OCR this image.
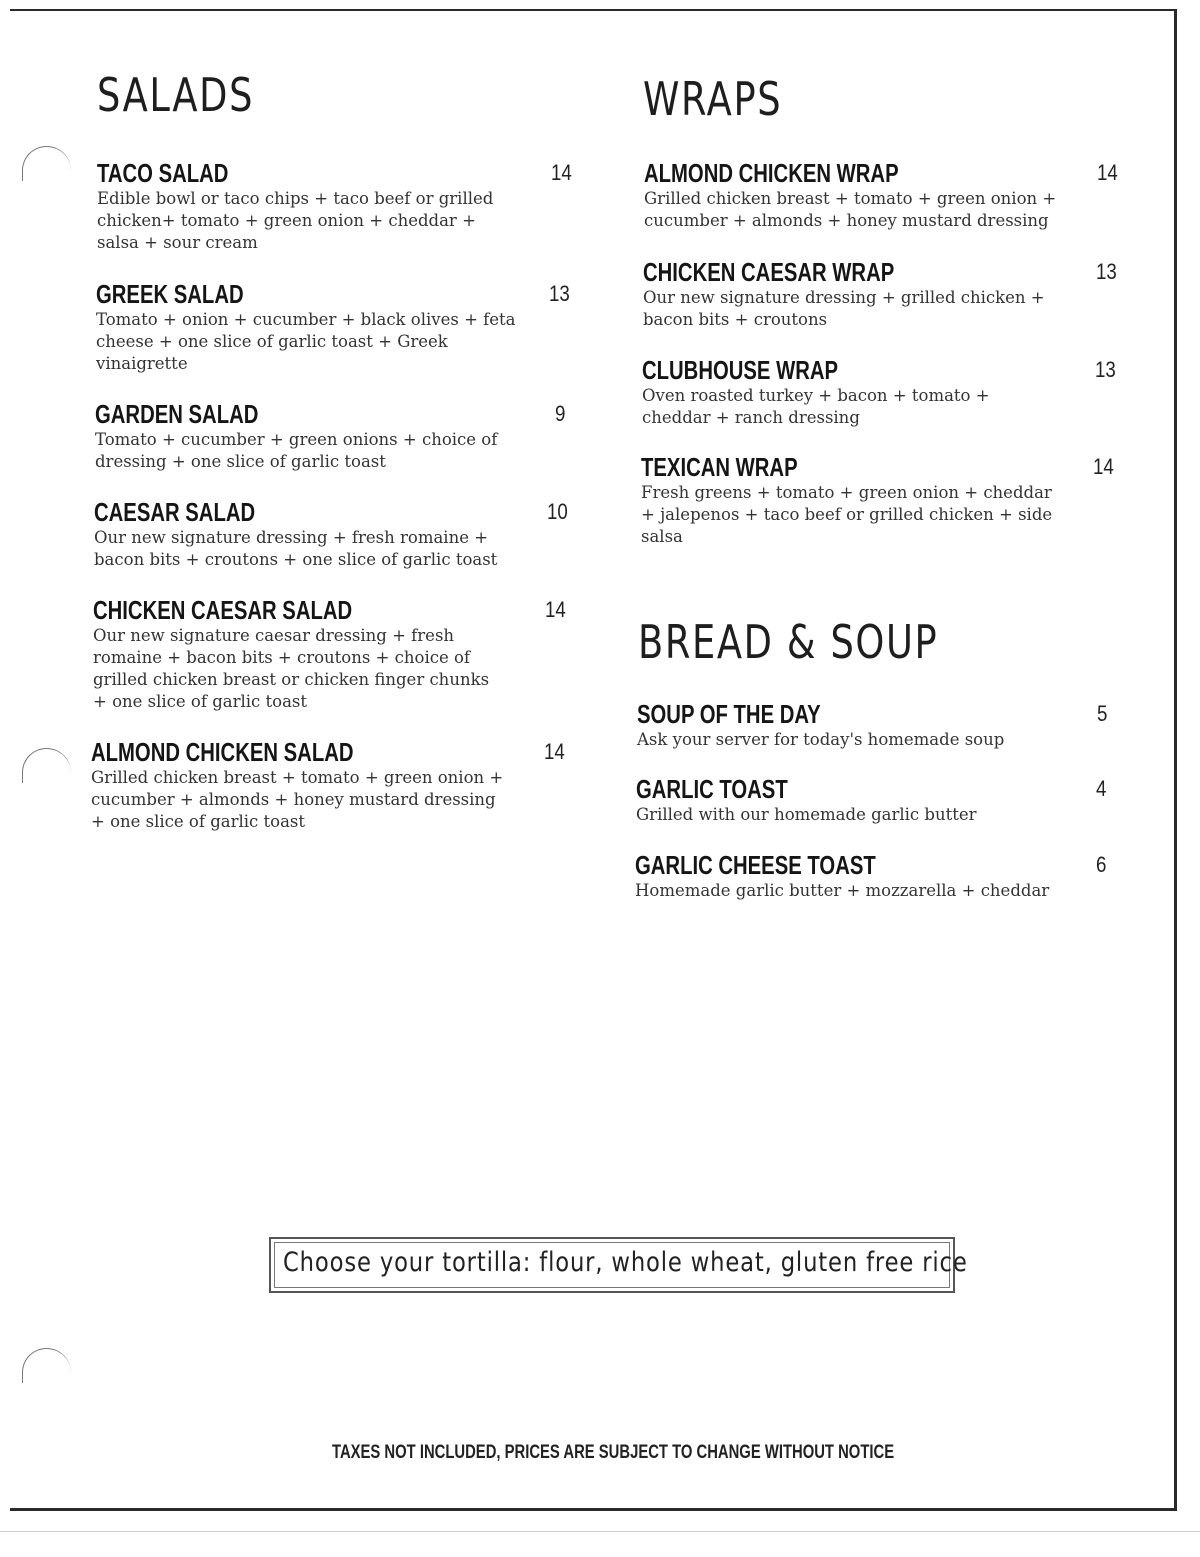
SALADS
TACO SALAD	14
Edible bowl or taco chips + taco beef or grilled
chicken+ tomato + green onion + cheddar +
salsa + sour cream
GREEK SALAD	13
Tomato + onion + cucumber + black olives + feta
cheese + one slice of garlic toast + Greek
vinaigrette
GARDEN SALAD	9
Tomato + cucumber + green onions + choice of
dressing + one slice of garlic toast
CAESAR SALAD	10
Our new signature dressing + fresh romaine +
bacon bits + croutons + one slice of garlic toast
CHICKEN CAESAR SALAD	14
Our new signature caesar dressing + fresh
romaine + bacon bits + croutons + choice of
grilled chicken breast or chicken finger chunks
+ one slice of garlic toast
ALMOND CHICKEN SALAD	14
Grilled chicken breast + tomato + green onion +
cucumber + almonds + honey mustard dressing
+ one slice of garlic toast
WRAPS
ALMOND CHICKEN WRAP	14
Grilled chicken breast + tomato + green onion +
cucumber + almonds + honey mustard dressing
CHICKEN CAESAR WRAP	13
Our new signature dressing + grilled chicken +
bacon bits + croutons
CLUBHOUSE WRAP	13
Oven roasted turkey + bacon + tomato +
cheddar + ranch dressing
TEXICAN WRAP	14
Fresh greens + tomato + green onion + cheddar
+ jalepenos + taco beef or grilled chicken + side
salsa
BREAD & SOUP
SOUP OF THE DAY	5
Ask your server for today's homemade soup
GARLIC TOAST	4
Grilled with our homemade garlic butter
GARLIC CHEESE TOAST	6
Homemade garlic butter + mozzarella + cheddar
Choose your tortilla: flour, whole wheat, gluten free rice
TAXES NOT INCLUDED, PRICES ARE SUBJECT TO CHANGE WITHOUT NOTICE
